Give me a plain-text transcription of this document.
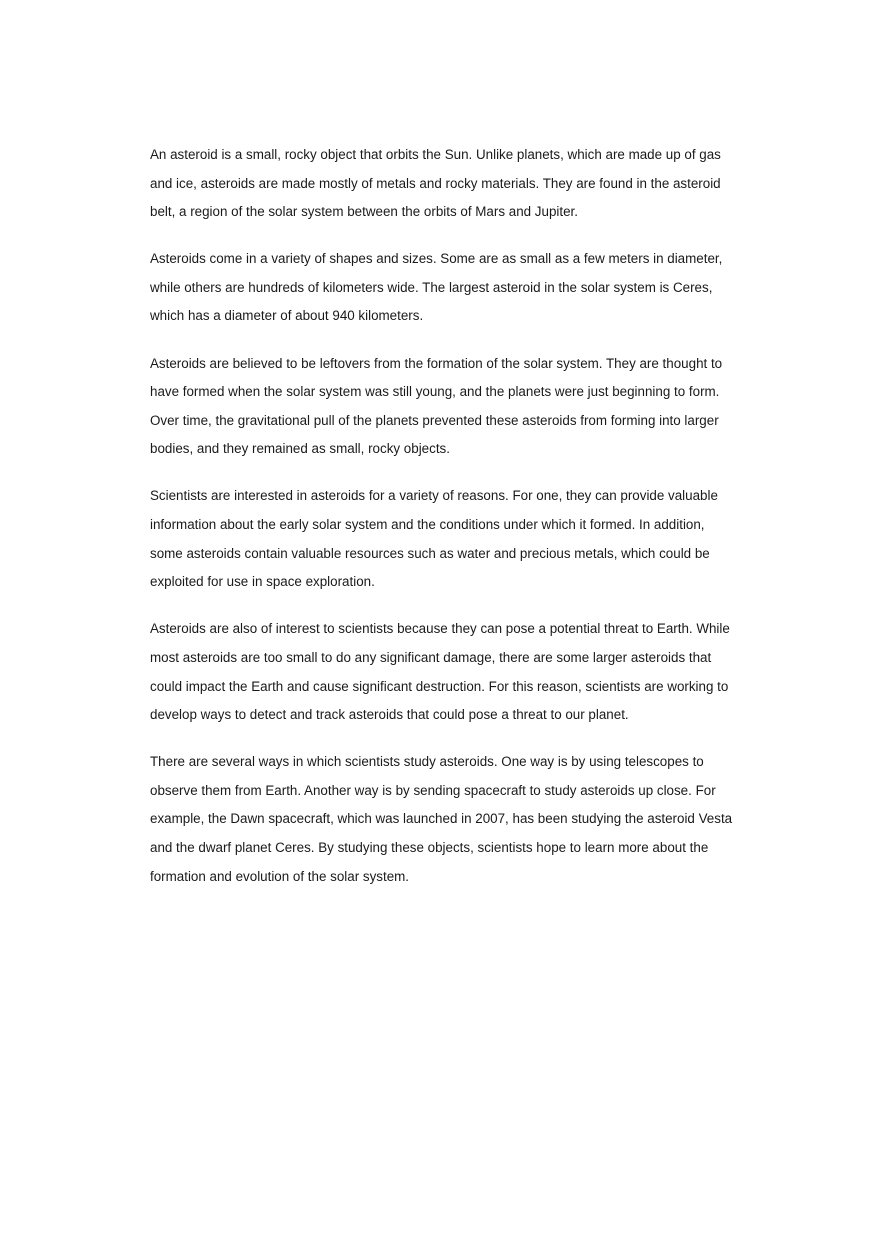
An asteroid is a small, rocky object that orbits the Sun. Unlike planets, which are made up of gas and ice, asteroids are made mostly of metals and rocky materials. They are found in the asteroid belt, a region of the solar system between the orbits of Mars and Jupiter.

Asteroids come in a variety of shapes and sizes. Some are as small as a few meters in diameter, while others are hundreds of kilometers wide. The largest asteroid in the solar system is Ceres, which has a diameter of about 940 kilometers.

Asteroids are believed to be leftovers from the formation of the solar system. They are thought to have formed when the solar system was still young, and the planets were just beginning to form. Over time, the gravitational pull of the planets prevented these asteroids from forming into larger bodies, and they remained as small, rocky objects.

Scientists are interested in asteroids for a variety of reasons. For one, they can provide valuable information about the early solar system and the conditions under which it formed. In addition, some asteroids contain valuable resources such as water and precious metals, which could be exploited for use in space exploration.

Asteroids are also of interest to scientists because they can pose a potential threat to Earth. While most asteroids are too small to do any significant damage, there are some larger asteroids that could impact the Earth and cause significant destruction. For this reason, scientists are working to develop ways to detect and track asteroids that could pose a threat to our planet.

There are several ways in which scientists study asteroids. One way is by using telescopes to observe them from Earth. Another way is by sending spacecraft to study asteroids up close. For example, the Dawn spacecraft, which was launched in 2007, has been studying the asteroid Vesta and the dwarf planet Ceres. By studying these objects, scientists hope to learn more about the formation and evolution of the solar system.
